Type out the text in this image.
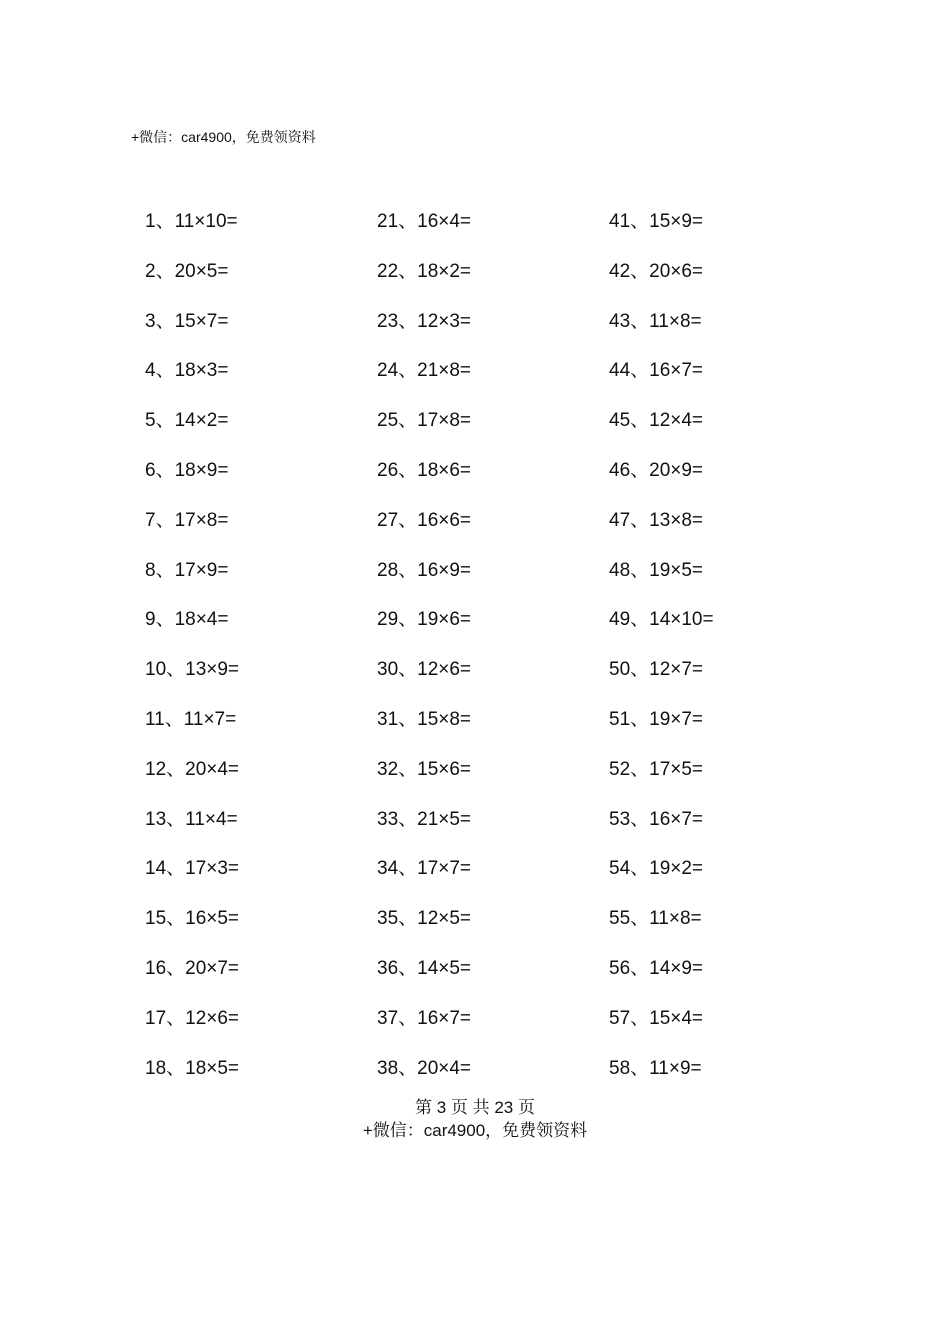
+微信：car4900，免费领资料
1、11×10=
2、20×5=
3、15×7=
4、18×3=
5、14×2=
6、18×9=
7、17×8=
8、17×9=
9、18×4=
10、13×9=
11、11×7=
12、20×4=
13、11×4=
14、17×3=
15、16×5=
16、20×7=
17、12×6=
18、18×5=
21、16×4=
22、18×2=
23、12×3=
24、21×8=
25、17×8=
26、18×6=
27、16×6=
28、16×9=
29、19×6=
30、12×6=
31、15×8=
32、15×6=
33、21×5=
34、17×7=
35、12×5=
36、14×5=
37、16×7=
38、20×4=
41、15×9=
42、20×6=
43、11×8=
44、16×7=
45、12×4=
46、20×9=
47、13×8=
48、19×5=
49、14×10=
50、12×7=
51、19×7=
52、17×5=
53、16×7=
54、19×2=
55、11×8=
56、14×9=
57、15×4=
58、11×9=
第 3 页 共 23 页
+微信：car4900，免费领资料
